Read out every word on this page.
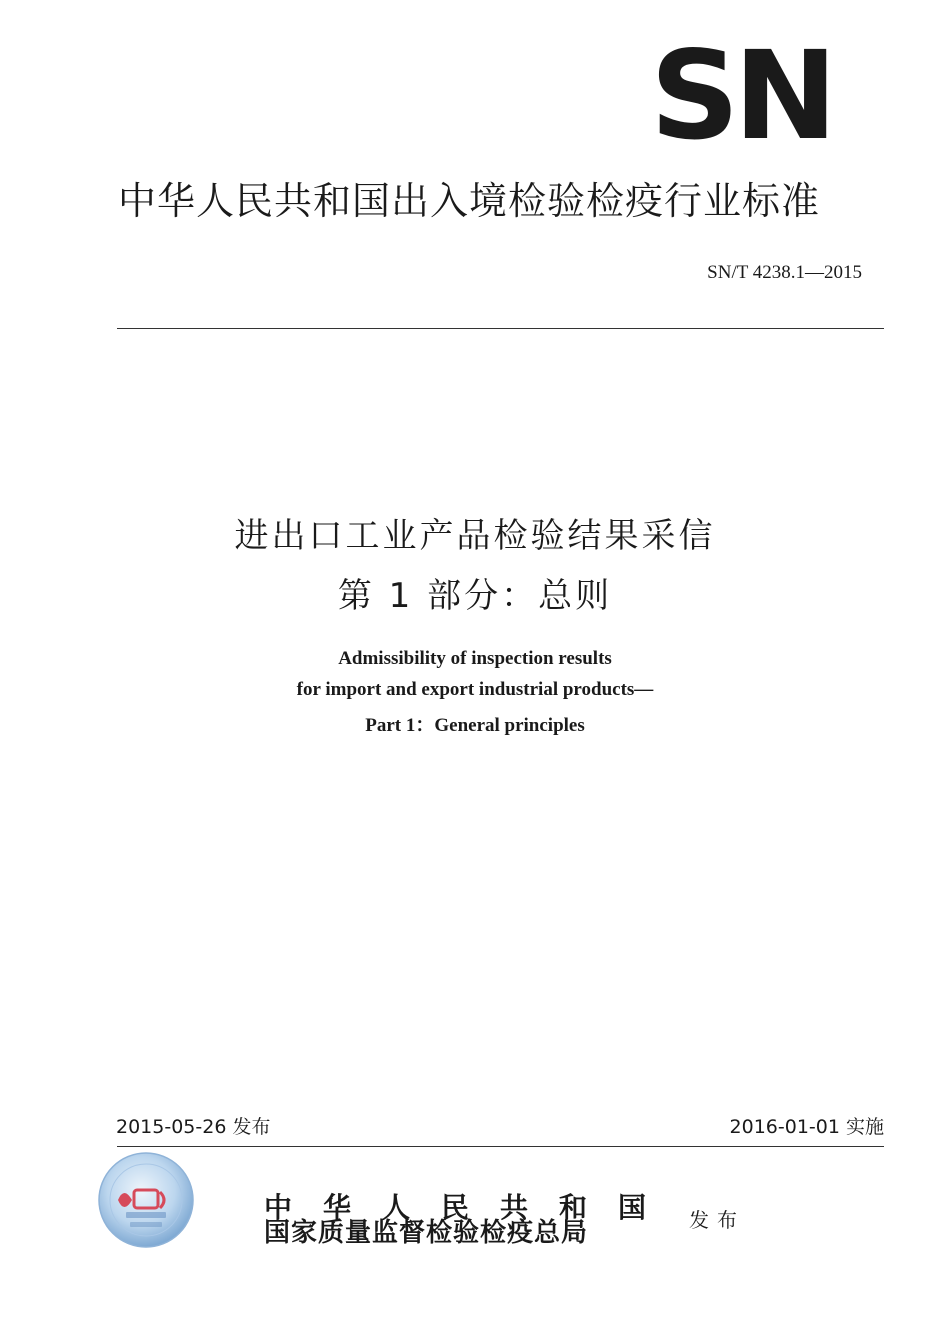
SN
中华人民共和国出入境检验检疫行业标准
SN/T 4238.1—2015
进出口工业产品检验结果采信
第 1 部分：总则
Admissibility of inspection results
for import and export industrial products—
Part 1：General principles
2015-05-26 发布	2016-01-01 实施
中华人民共和国
国家质量监督检验检疫总局	发布
